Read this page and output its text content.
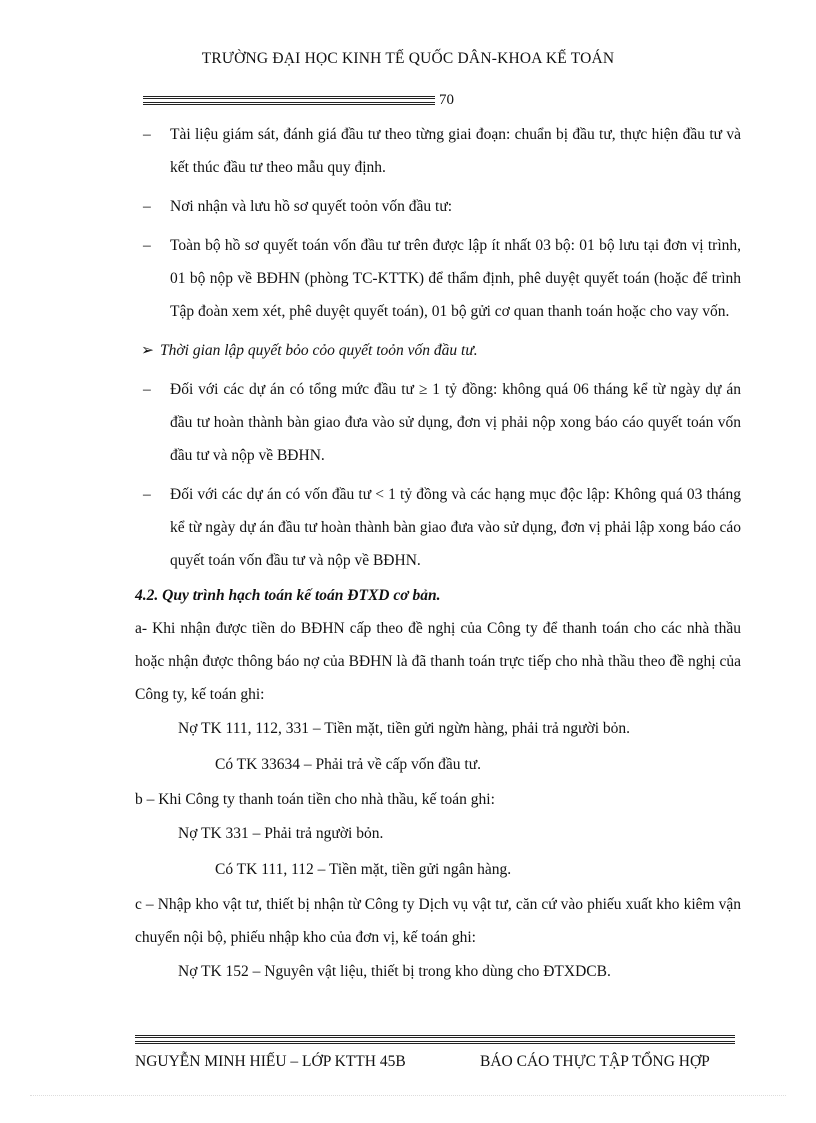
TRƯỜNG ĐẠI HỌC KINH TẾ QUỐC DÂN-KHOA KẾ TOÁN
70

– Tài liệu giám sát, đánh giá đầu tư theo từng giai đoạn: chuẩn bị đầu tư, thực hiện đầu tư và kết thúc đầu tư theo mẫu quy định.

– Nơi nhận và lưu hồ sơ quyết toỏn vốn đầu tư:

– Toàn bộ hồ sơ quyết toán vốn đầu tư trên được lập ít nhất 03 bộ: 01 bộ lưu tại đơn vị trình, 01 bộ nộp về BĐHN (phòng TC-KTTK) để thẩm định, phê duyệt quyết toán (hoặc để trình Tập đoàn xem xét, phê duyệt quyết toán), 01 bộ gửi cơ quan thanh toán hoặc cho vay vốn.

➢ Thời gian lập quyết bỏo cỏo quyết toỏn vốn đầu tư.

– Đối với các dự án có tổng mức đầu tư ≥ 1 tỷ đồng: không quá 06 tháng kể từ ngày dự án đầu tư hoàn thành bàn giao đưa vào sử dụng, đơn vị phải nộp xong báo cáo quyết toán vốn đầu tư và nộp về BĐHN.

– Đối với các dự án có vốn đầu tư < 1 tỷ đồng và các hạng mục độc lập: Không quá 03 tháng kể từ ngày dự án đầu tư hoàn thành bàn giao đưa vào sử dụng, đơn vị phải lập xong báo cáo quyết toán vốn đầu tư và nộp về BĐHN.

4.2. Quy trình hạch toán kế toán ĐTXD cơ bản.

a- Khi nhận được tiền do BĐHN cấp theo đề nghị của Công ty để thanh toán cho các nhà thầu hoặc nhận được thông báo nợ của BĐHN là đã thanh toán trực tiếp cho nhà thầu theo đề nghị của Công ty, kế toán ghi:

Nợ TK 111, 112, 331 – Tiền mặt, tiền gửi ngừn hàng, phải trả người bỏn.
Có TK 33634 – Phải trả về cấp vốn đầu tư.

b – Khi Công ty thanh toán tiền cho nhà thầu, kế toán ghi:

Nợ TK 331 – Phải trả người bỏn.
Có TK 111, 112 – Tiền mặt, tiền gửi ngân hàng.

c – Nhập kho vật tư, thiết bị nhận từ Công ty Dịch vụ vật tư, căn cứ vào phiếu xuất kho kiêm vận chuyển nội bộ, phiếu nhập kho của đơn vị, kế toán ghi:

Nợ TK 152 – Nguyên vật liệu, thiết bị trong kho dùng cho ĐTXDCB.
NGUYỄN MINH HIẾU – LỚP KTTH 45B	BÁO CÁO THỰC TẬP TỔNG HỢP
